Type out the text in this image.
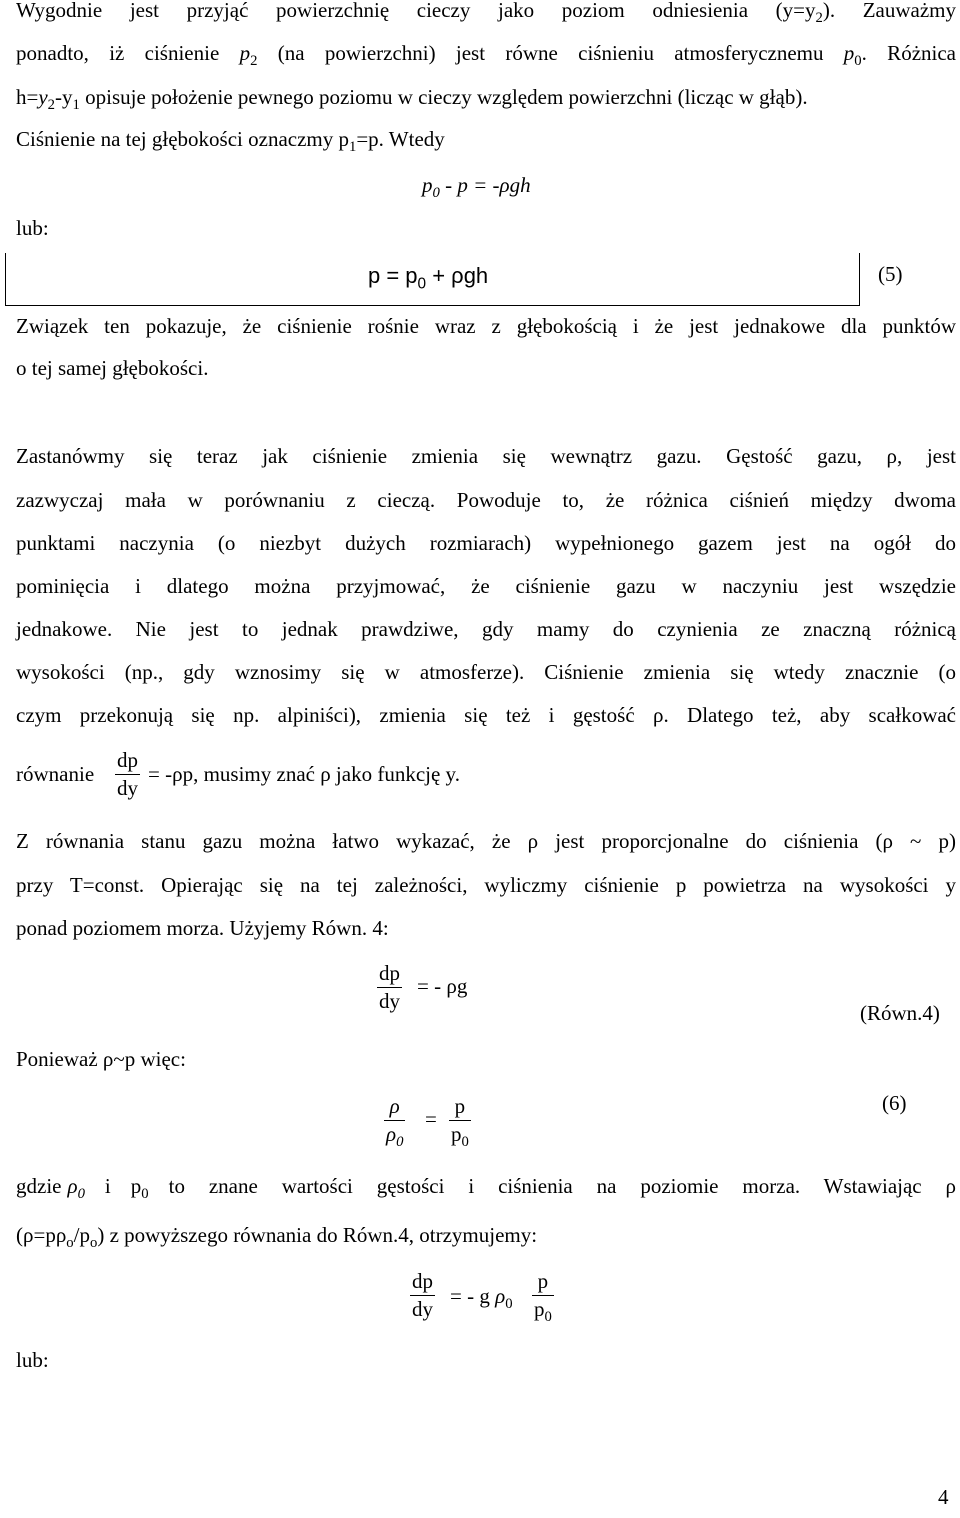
Wygodnie jest przyjąć powierzchnię cieczy jako poziom odniesienia $(y=y_2)$. Zauważmy
ponadto, iż ciśnienie $p_2$ (na powierzchni) jest równe ciśnieniu atmosferycznemu $p_0$. Różnica
$h=y_2-y_1$ opisuje położenie pewnego poziomu w cieczy względem powierzchni (licząc w głąb).
Ciśnienie na tej głębokości oznaczmy $p_1=p$. Wtedy
$p_0 - p = -\rho gh$
lub:
$p = p_0 + \rho gh$	(5)
Związek ten pokazuje, że ciśnienie rośnie wraz z głębokością i że jest jednakowe dla punktów
o tej samej głębokości.
Zastanówmy się teraz jak ciśnienie zmienia się wewnątrz gazu. Gęstość gazu, ρ, jest
zazwyczaj mała w porównaniu z cieczą. Powoduje to, że różnica ciśnień między dwoma
punktami naczynia (o niezbyt dużych rozmiarach) wypełnionego gazem jest na ogół do
pominięcia i dlatego można przyjmować, że ciśnienie gazu w naczyniu jest wszędzie
jednakowe. Nie jest to jednak prawdziwe, gdy mamy do czynienia ze znaczną różnicą
wysokości (np., gdy wznosimy się w atmosferze). Ciśnienie zmienia się wtedy znacznie (o
czym przekonują się np. alpiniści), zmienia się też i gęstość ρ. Dlatego też, aby scałkować
równanie $\frac{dp}{dy} = -\rho p$, musimy znać ρ jako funkcję y.
Z równania stanu gazu można łatwo wykazać, że ρ jest proporcjonalne do ciśnienia (ρ ~ p)
przy T=const. Opierając się na tej zależności, wyliczmy ciśnienie p powietrza na wysokości y
ponad poziomem morza. Użyjemy Równ. 4:
$\frac{dp}{dy}$ = - ρg
(Równ.4)
Ponieważ ρ~p więc:
$\frac{\rho}{\rho_0} = \frac{p}{p_0}$	(6)
gdzie $\rho_0$ i $p_0$ to znane wartości gęstości i ciśnienia na poziomie morza. Wstawiając ρ
$(\rho=p\rho_o/p_o)$ z powyższego równania do Równ.4, otrzymujemy:
$\frac{dp}{dy}$ = - g $\rho_0 \frac{p}{p_0}$
lub:
4
